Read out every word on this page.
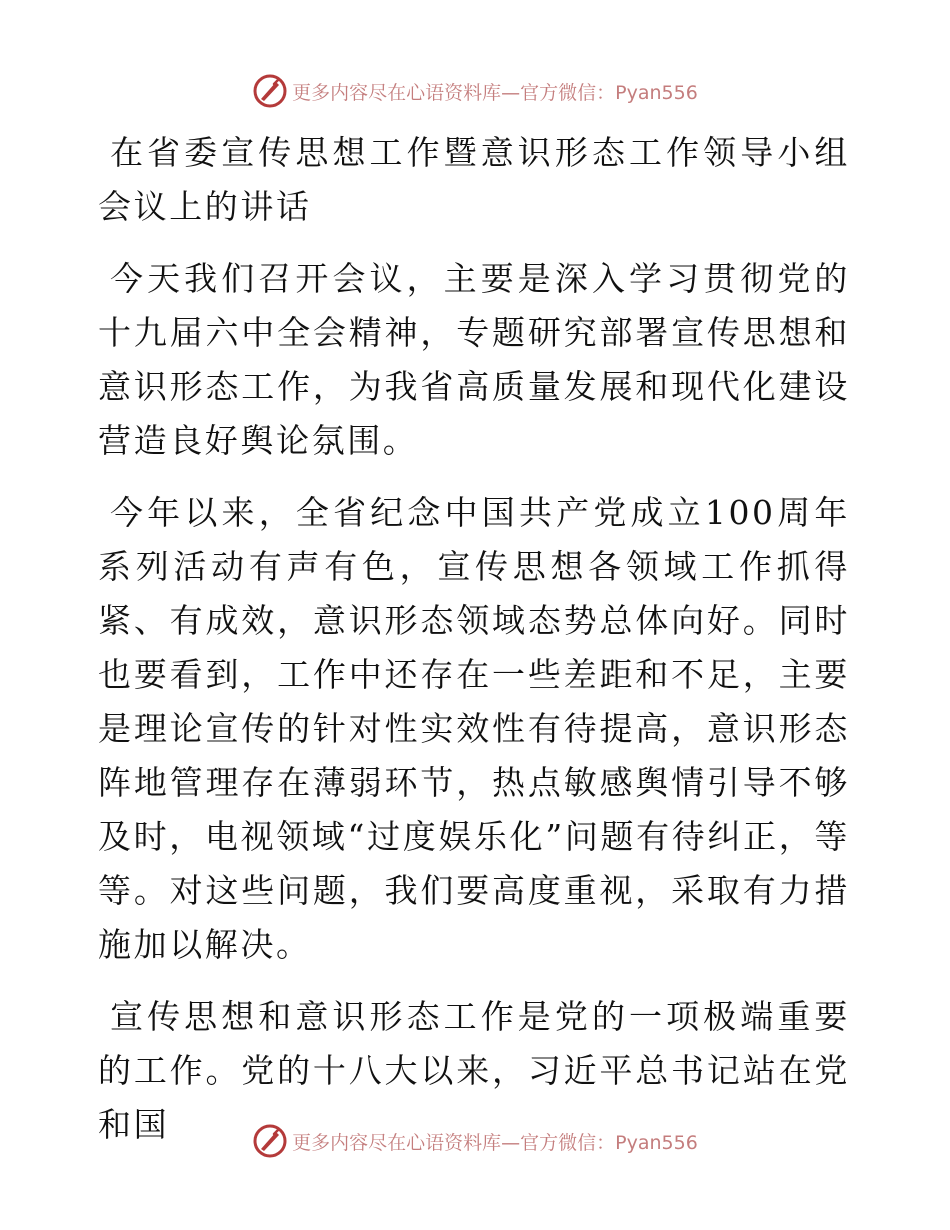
更多内容尽在心语资料库—官方微信：Pyan556
在省委宣传思想工作暨意识形态工作领导小组会议上的讲话
今天我们召开会议，主要是深入学习贯彻党的十九届六中全会精神，专题研究部署宣传思想和意识形态工作，为我省高质量发展和现代化建设营造良好舆论氛围。
今年以来，全省纪念中国共产党成立100周年系列活动有声有色，宣传思想各领域工作抓得紧、有成效，意识形态领域态势总体向好。同时也要看到，工作中还存在一些差距和不足，主要是理论宣传的针对性实效性有待提高，意识形态阵地管理存在薄弱环节，热点敏感舆情引导不够及时，电视领域“过度娱乐化”问题有待纠正，等等。对这些问题，我们要高度重视，采取有力措施加以解决。
宣传思想和意识形态工作是党的一项极端重要的工作。党的十八大以来，习近平总书记站在党和国	更多内容尽在心语资料库—官方微信：Pyan556
